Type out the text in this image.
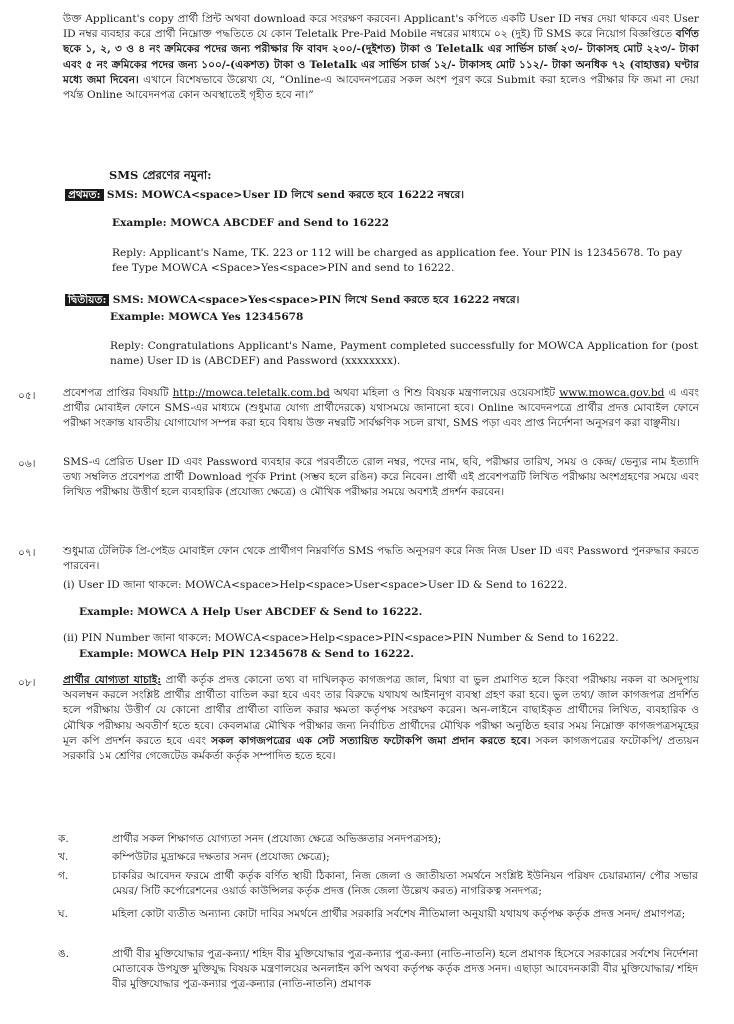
উক্ত Applicant's copy প্রার্থী প্রিন্ট অথবা download করে সংরক্ষণ করবেন। Applicant's কপিতে একটি User ID নম্বর দেয়া থাকবে এবং User ID নম্বর ব্যবহার করে প্রার্থী নিম্নোক্ত পদ্ধতিতে যে কোন Teletalk Pre-Paid Mobile নম্বরের মাধ্যমে ০২ (দুই) টি SMS করে নিয়োগ বিজ্ঞপ্তিতে বর্ণিত ছকে ১, ২, ৩ ও ৪ নং ক্রমিকের পদের জন্য পরীক্ষার ফি বাবদ ২০০/-(দুইশত) টাকা ও Teletalk এর সার্ভিস চার্জ ২৩/- টাকাসহ মোট ২২৩/- টাকা এবং ৫ নং ক্রমিকের পদের জন্য ১০০/-(একশত) টাকা ও Teletalk এর সার্ভিস চার্জ ১২/- টাকাসহ মোট ১১২/- টাকা অনধিক ৭২ (বাহাত্তর) ঘণ্টার মধ্যে জমা দিবেন। এখানে বিশেষভাবে উল্লেখ্য যে, “Online-এ আবেদনপত্রের সকল অংশ পূরণ করে Submit করা হলেও পরীক্ষার ফি জমা না দেয়া পর্যন্ত Online আবেদনপত্র কোন অবস্থাতেই গৃহীত হবে না।”
SMS প্রেরণের নমুনা:
প্রথমত: SMS: MOWCA<space>User ID লিখে send করতে হবে 16222 নম্বরে।
Example: MOWCA ABCDEF and Send to 16222
Reply: Applicant's Name, TK. 223 or 112 will be charged as application fee. Your PIN is 12345678. To pay fee Type MOWCA <Space>Yes<space>PIN and send to 16222.
দ্বিতীয়ত: SMS: MOWCA<space>Yes<space>PIN লিখে Send করতে হবে 16222 নম্বরে।
Example: MOWCA Yes 12345678
Reply: Congratulations Applicant's Name, Payment completed successfully for MOWCA Application for (post name) User ID is (ABCDEF) and Password (xxxxxxxx).
০৫।	প্রবেশপত্র প্রাপ্তির বিষয়টি http://mowca.teletalk.com.bd অথবা মহিলা ও শিশু বিষয়ক মন্ত্রণালয়ের ওয়েবসাইট www.mowca.gov.bd এ এবং প্রার্থীর মোবাইল ফোনে SMS-এর মাধ্যমে (শুধুমাত্র যোগ্য প্রার্থীদেরকে) যথাসময়ে জানানো হবে। Online আবেদনপত্রে প্রার্থীর প্রদত্ত মোবাইল ফোনে পরীক্ষা সংক্রান্ত যাবতীয় যোগাযোগ সম্পন্ন করা হবে বিধায় উক্ত নম্বরটি সার্বক্ষণিক সচল রাখা, SMS পড়া এবং প্রাপ্ত নির্দেশনা অনুসরণ করা বাঞ্ছনীয়।
০৬।	SMS-এ প্রেরিত User ID এবং Password ব্যবহার করে পরবর্তীতে রোল নম্বর, পদের নাম, ছবি, পরীক্ষার তারিখ, সময় ও কেন্দ্র/ ভেন্যুর নাম ইত্যাদি তথ্য সম্বলিত প্রবেশপত্র প্রার্থী Download পূর্বক Print (সম্ভব হলে রঙিন) করে নিবেন। প্রার্থী এই প্রবেশপত্রটি লিখিত পরীক্ষায় অংশগ্রহণের সময়ে এবং লিখিত পরীক্ষায় উত্তীর্ণ হলে ব্যবহারিক (প্রযোজ্য ক্ষেত্রে) ও মৌখিক পরীক্ষার সময়ে অবশ্যই প্রদর্শন করবেন।
০৭।	শুধুমাত্র টেলিটক প্রি-পেইড মোবাইল ফোন থেকে প্রার্থীগণ নিম্নবর্ণিত SMS পদ্ধতি অনুসরণ করে নিজ নিজ User ID এবং Password পুনরুদ্ধার করতে পারবেন।
(i) User ID জানা থাকলে: MOWCA<space>Help<space>User<space>User ID & Send to 16222.
Example: MOWCA A Help User ABCDEF & Send to 16222.
(ii) PIN Number জানা থাকলে: MOWCA<space>Help<space>PIN<space>PIN Number & Send to 16222.
Example: MOWCA Help PIN 12345678 & Send to 16222.
০৮।	প্রার্থীর যোগ্যতা যাচাই: প্রার্থী কর্তৃক প্রদত্ত কোনো তথ্য বা দাখিলকৃত কাগজপত্র জাল, মিথ্যা বা ভুল প্রমাণিত হলে কিংবা পরীক্ষায় নকল বা অসদুপায় অবলম্বন করলে সংশ্লিষ্ট প্রার্থীর প্রার্থীতা বাতিল করা হবে এবং তার বিরুদ্ধে যথাযথ আইনানুগ ব্যবস্থা গ্রহণ করা হবে। ভুল তথ্য/ জাল কাগজপত্র প্রদর্শিত হলে পরীক্ষায় উত্তীর্ণ যে কোনো প্রার্থীর প্রার্থীতা বাতিল করার ক্ষমতা কর্তৃপক্ষ সংরক্ষণ করেন। অন-লাইনে বাছাইকৃত প্রার্থীদের লিখিত, ব্যবহারিক ও মৌখিক পরীক্ষায় অবতীর্ণ হতে হবে। কেবলমাত্র মৌখিক পরীক্ষার জন্য নির্বাচিত প্রার্থীদের মৌখিক পরীক্ষা অনুষ্ঠিত হবার সময় নিম্নোক্ত কাগজপত্রসমূহের মূল কপি প্রদর্শন করতে হবে এবং সকল কাগজপত্রের এক সেট সত্যায়িত ফটোকপি জমা প্রদান করতে হবে। সকল কাগজপত্রের ফটোকপি/ প্রত্যয়ন সরকারি ১ম শ্রেণির গেজেটেড কর্মকর্তা কর্তৃক সম্পাদিত হতে হবে।
ক.	প্রার্থীর সকল শিক্ষাগত যোগ্যতা সনদ (প্রযোজ্য ক্ষেত্রে অভিজ্ঞতার সনদপত্রসহ);
খ.	কম্পিউটার মুদ্রাক্ষরে দক্ষতার সনদ (প্রযোজ্য ক্ষেত্রে);
গ.	চাকরির আবেদন ফরমে প্রার্থী কর্তৃক বর্ণিত স্থায়ী ঠিকানা, নিজ জেলা ও জাতীয়তা সমর্থনে সংশ্লিষ্ট ইউনিয়ন পরিষদ চেয়ারম্যান/ পৌর সভার মেয়র/ সিটি কর্পোরেশনের ওয়ার্ড কাউন্সিলর কর্তৃক প্রদত্ত (নিজ জেলা উল্লেখ করত) নাগরিকত্ব সনদপত্র;
ঘ.	মহিলা কোটা ব্যতীত অন্যান্য কোটা দাবির সমর্থনে প্রার্থীর সরকারি সর্বশেষ নীতিমালা অনুযায়ী যথাযথ কর্তৃপক্ষ কর্তৃক প্রদত্ত সনদ/ প্রমাণপত্র;
ঙ.	প্রার্থী বীর মুক্তিযোদ্ধার পুত্র-কন্যা/ শহিদ বীর মুক্তিযোদ্ধার পুত্র-কন্যার পুত্র-কন্যা (নাতি-নাতনি) হলে প্রমাণক হিসেবে সরকারের সর্বশেষ নির্দেশনা মোতাবেক উপযুক্ত মুক্তিযুদ্ধ বিষয়ক মন্ত্রণালয়ের অনলাইন কপি অথবা কর্তৃপক্ষ কর্তৃক প্রদত্ত সনদ। এছাড়া আবেদনকারী বীর মুক্তিযোদ্ধার/ শহিদ বীর মুক্তিযোদ্ধার পুত্র-কন্যার পুত্র-কন্যার (নাতি-নাতনি) প্রমাণক
